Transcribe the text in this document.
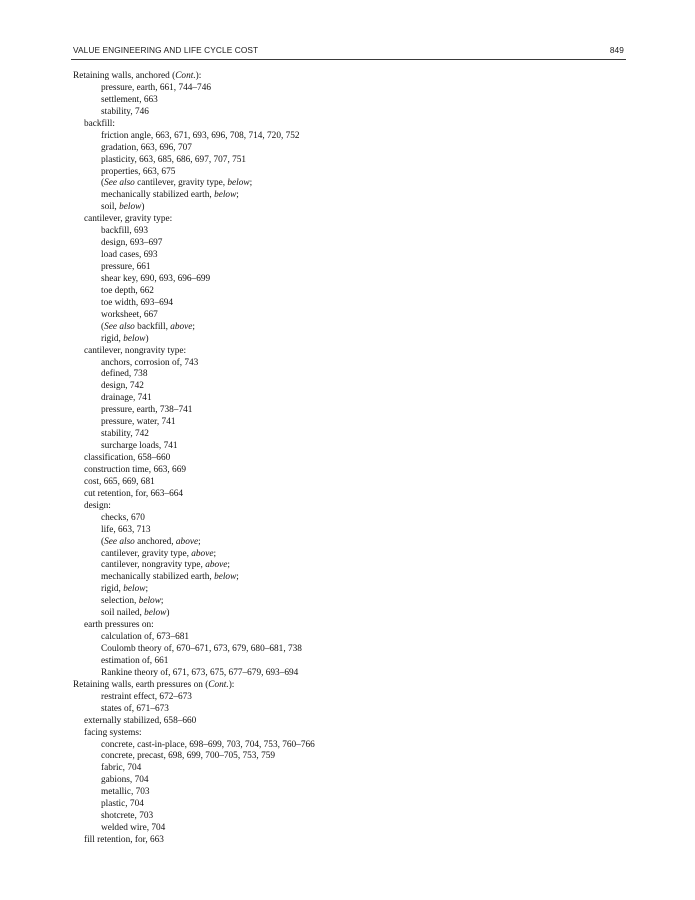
VALUE ENGINEERING AND LIFE CYCLE COST	849
Retaining walls, anchored (Cont.):
pressure, earth, 661, 744–746
settlement, 663
stability, 746
backfill:
friction angle, 663, 671, 693, 696, 708, 714, 720, 752
gradation, 663, 696, 707
plasticity, 663, 685, 686, 697, 707, 751
properties, 663, 675
(See also cantilever, gravity type, below;
mechanically stabilized earth, below;
soil, below)
cantilever, gravity type:
backfill, 693
design, 693–697
load cases, 693
pressure, 661
shear key, 690, 693, 696–699
toe depth, 662
toe width, 693–694
worksheet, 667
(See also backfill, above;
rigid, below)
cantilever, nongravity type:
anchors, corrosion of, 743
defined, 738
design, 742
drainage, 741
pressure, earth, 738–741
pressure, water, 741
stability, 742
surcharge loads, 741
classification, 658–660
construction time, 663, 669
cost, 665, 669, 681
cut retention, for, 663–664
design:
checks, 670
life, 663, 713
(See also anchored, above;
cantilever, gravity type, above;
cantilever, nongravity type, above;
mechanically stabilized earth, below;
rigid, below;
selection, below;
soil nailed, below)
earth pressures on:
calculation of, 673–681
Coulomb theory of, 670–671, 673, 679, 680–681, 738
estimation of, 661
Rankine theory of, 671, 673, 675, 677–679, 693–694
Retaining walls, earth pressures on (Cont.):
restraint effect, 672–673
states of, 671–673
externally stabilized, 658–660
facing systems:
concrete, cast-in-place, 698–699, 703, 704, 753, 760–766
concrete, precast, 698, 699, 700–705, 753, 759
fabric, 704
gabions, 704
metallic, 703
plastic, 704
shotcrete, 703
welded wire, 704
fill retention, for, 663
